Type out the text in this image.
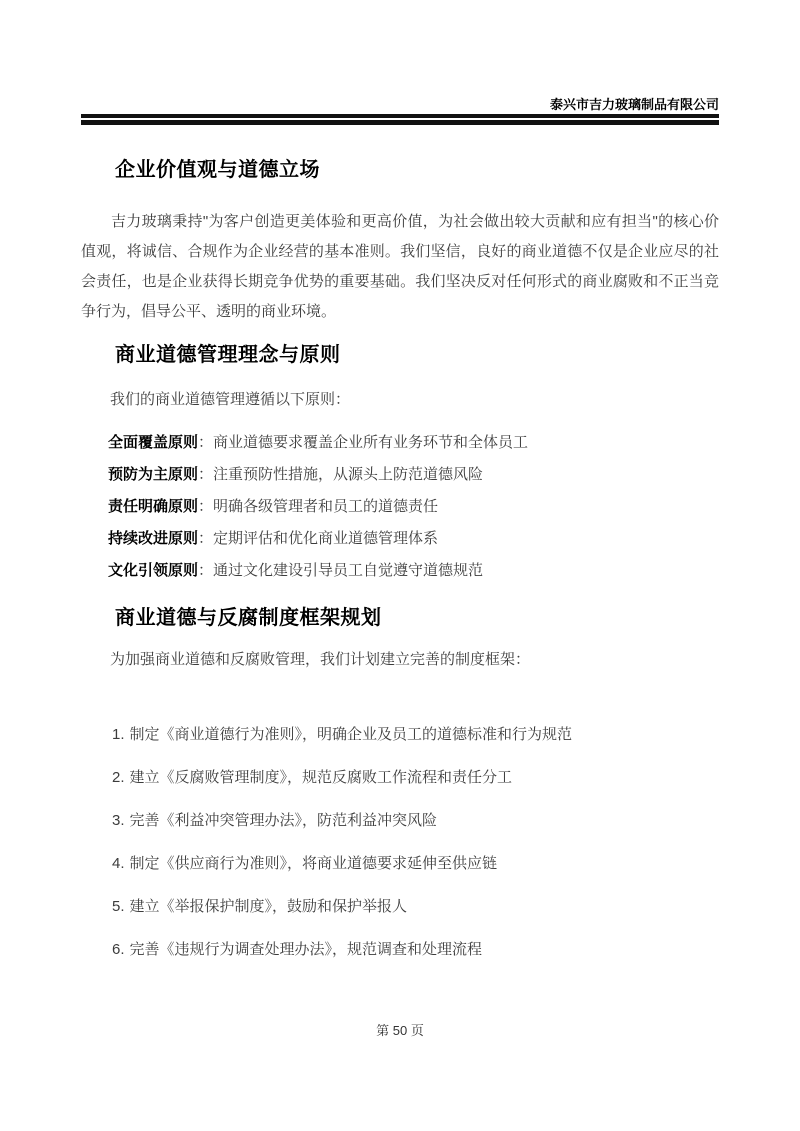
泰兴市吉力玻璃制品有限公司
企业价值观与道德立场

吉力玻璃秉持"为客户创造更美体验和更高价值，为社会做出较大贡献和应有担当"的核心价值观，将诚信、合规作为企业经营的基本准则。我们坚信，良好的商业道德不仅是企业应尽的社会责任，也是企业获得长期竞争优势的重要基础。我们坚决反对任何形式的商业腐败和不正当竞争行为，倡导公平、透明的商业环境。

商业道德管理理念与原则

我们的商业道德管理遵循以下原则：

全面覆盖原则：商业道德要求覆盖企业所有业务环节和全体员工

预防为主原则：注重预防性措施，从源头上防范道德风险

责任明确原则：明确各级管理者和员工的道德责任

持续改进原则：定期评估和优化商业道德管理体系

文化引领原则：通过文化建设引导员工自觉遵守道德规范

商业道德与反腐制度框架规划

为加强商业道德和反腐败管理，我们计划建立完善的制度框架：

1. 制定《商业道德行为准则》，明确企业及员工的道德标准和行为规范

2. 建立《反腐败管理制度》，规范反腐败工作流程和责任分工

3. 完善《利益冲突管理办法》，防范利益冲突风险

4. 制定《供应商行为准则》，将商业道德要求延伸至供应链

5. 建立《举报保护制度》，鼓励和保护举报人

6. 完善《违规行为调查处理办法》，规范调查和处理流程

第 50 页
